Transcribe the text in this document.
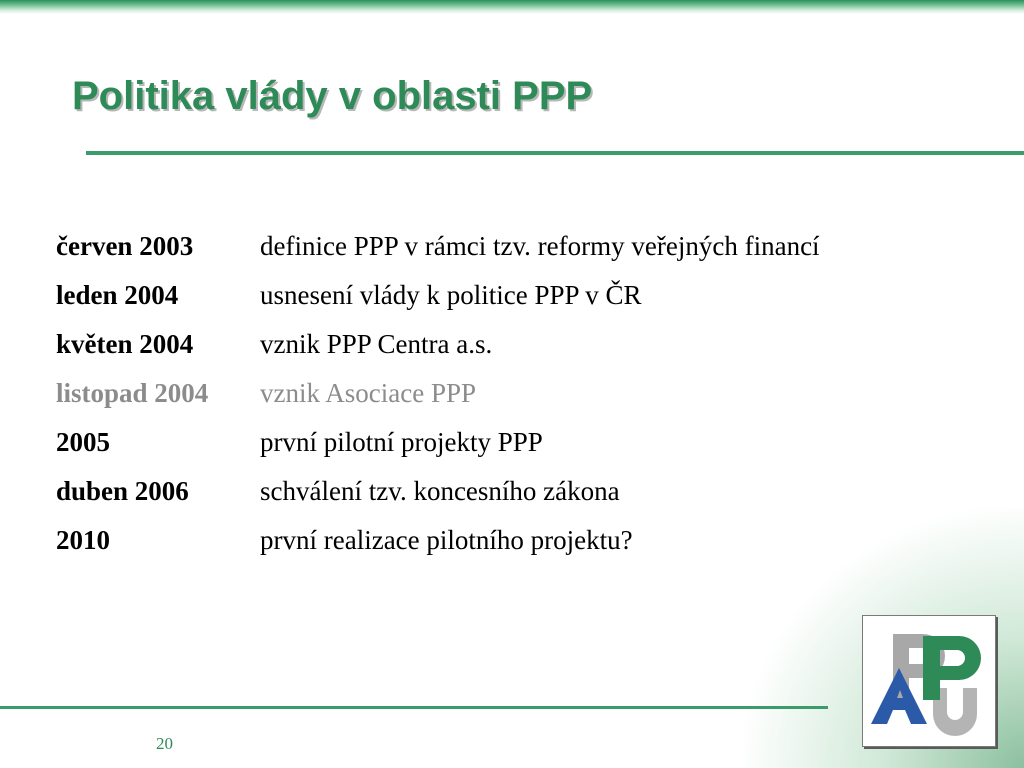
Politika vlády v oblasti PPP
červen 2003	definice PPP v rámci tzv. reformy veřejných financí
leden 2004	usnesení vlády k politice PPP v ČR
květen 2004	vznik PPP Centra a.s.
listopad 2004	vznik Asociace PPP
2005	první pilotní projekty PPP
duben 2006	schválení tzv. koncesního zákona
2010	první realizace pilotního projektu?
20
